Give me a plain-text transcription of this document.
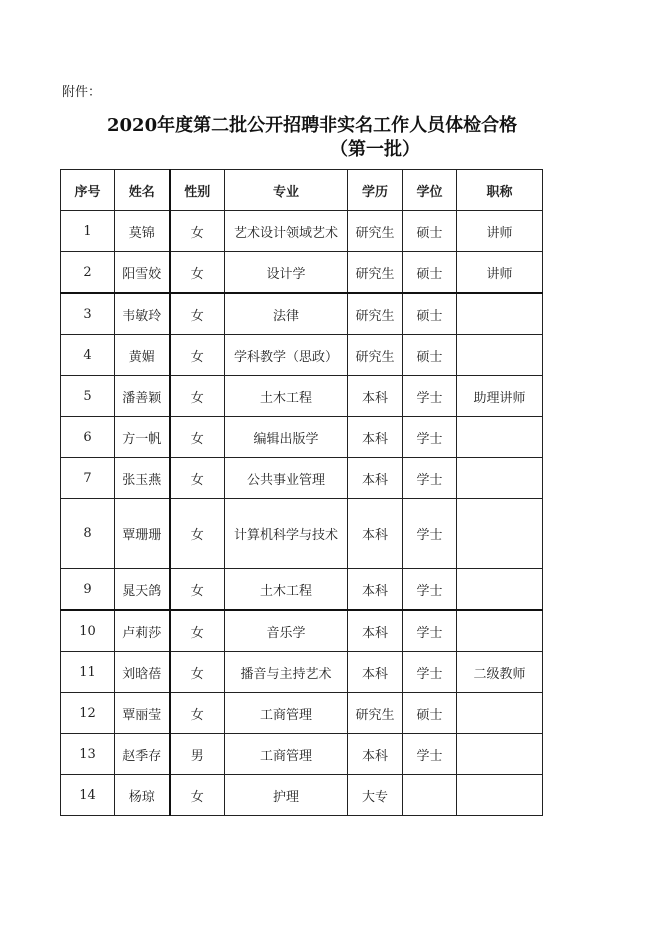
附件：
2020年度第二批公开招聘非实名工作人员体检合格
（第一批）
序号	姓名	性别	专业	学历	学位	职称
1	莫锦	女	艺术设计领域艺术	研究生	硕士	讲师
2	阳雪姣	女	设计学	研究生	硕士	讲师
3	韦敏玲	女	法律	研究生	硕士	
4	黄媚	女	学科教学（思政）	研究生	硕士	
5	潘善颖	女	土木工程	本科	学士	助理讲师
6	方一帆	女	编辑出版学	本科	学士	
7	张玉燕	女	公共事业管理	本科	学士	
8	覃珊珊	女	计算机科学与技术	本科	学士	
9	晁天鸽	女	土木工程	本科	学士	
10	卢莉莎	女	音乐学	本科	学士	
11	刘晗蓓	女	播音与主持艺术	本科	学士	二级教师
12	覃丽莹	女	工商管理	研究生	硕士	
13	赵季存	男	工商管理	本科	学士	
14	杨琼	女	护理	大专		
